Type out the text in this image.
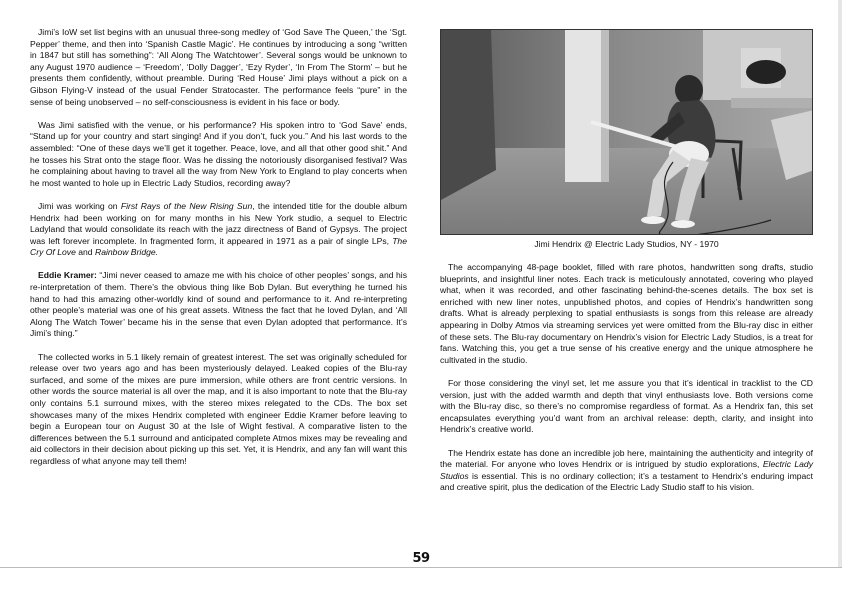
Jimi’s IoW set list begins with an unusual three-song medley of ‘God Save The Queen,’ the ‘Sgt. Pepper’ theme, and then into ‘Spanish Castle Magic’. He continues by introducing a song “written in 1847 but still has something”: ‘All Along The Watchtower’. Several songs would be unknown to any August 1970 audience – ‘Freedom’, ‘Dolly Dagger’, ‘Ezy Ryder’, ‘In From The Storm’ – but he presents them confidently, without preamble. During ‘Red House’ Jimi plays without a pick on a Gibson Flying-V instead of the usual Fender Stratocaster. The performance feels “pure” in the sense of being unobserved – no self-consciousness is evident in his face or body.

Was Jimi satisfied with the venue, or his performance? His spoken intro to ‘God Save’ ends, “Stand up for your country and start singing! And if you don’t, fuck you.” And his last words to the assembled: “One of these days we’ll get it together. Peace, love, and all that other good shit.” And he tosses his Strat onto the stage floor. Was he dissing the notoriously disorganised festival? Was he complaining about having to travel all the way from New York to England to play concerts when he most wanted to hole up in Electric Lady Studios, recording away?

Jimi was working on First Rays of the New Rising Sun, the intended title for the double album Hendrix had been working on for many months in his New York studio, a sequel to Electric Ladyland that would consolidate its reach with the jazz directness of Band of Gypsys. The project was left forever incomplete. In fragmented form, it appeared in 1971 as a pair of single LPs, The Cry Of Love and Rainbow Bridge.

Eddie Kramer: “Jimi never ceased to amaze me with his choice of other peoples’ songs, and his re-interpretation of them. There’s the obvious thing like Bob Dylan. But everything he turned his hand to had this amazing other-worldly kind of sound and performance to it. And re-interpreting other people’s material was one of his great assets. Witness the fact that he loved Dylan, and ‘All Along The Watch Tower’ became his in the sense that even Dylan adopted that performance. It’s Jimi’s thing.”

The collected works in 5.1 likely remain of greatest interest. The set was originally scheduled for release over two years ago and has been mysteriously delayed. Leaked copies of the Blu-ray surfaced, and some of the mixes are pure immersion, while others are front centric versions. In other words the source material is all over the map, and it is also important to note that the Blu-ray only contains 5.1 surround mixes, with the stereo mixes relegated to the CDs. The box set showcases many of the mixes Hendrix completed with engineer Eddie Kramer before leaving to begin a European tour on August 30 at the Isle of Wight festival. A comparative listen to the differences between the 5.1 surround and anticipated complete Atmos mixes may be revealing and aid collectors in their decision about picking up this set. Yet, it is Hendrix, and any fan will want this regardless of what anyone may tell them!

Jimi Hendrix @ Electric Lady Studios, NY - 1970

The accompanying 48-page booklet, filled with rare photos, handwritten song drafts, studio blueprints, and insightful liner notes. Each track is meticulously annotated, covering who played what, when it was recorded, and other fascinating behind-the-scenes details. The box set is enriched with new liner notes, unpublished photos, and copies of Hendrix’s handwritten song drafts. What is already perplexing to spatial enthusiasts is songs from this release are already appearing in Dolby Atmos via streaming services yet were omitted from the Blu-ray disc in either of these sets. The Blu-ray documentary on Hendrix’s vision for Electric Lady Studios, is a treat for fans. Watching this, you get a true sense of his creative energy and the unique atmosphere he cultivated in the studio.

For those considering the vinyl set, let me assure you that it’s identical in tracklist to the CD version, just with the added warmth and depth that vinyl enthusiasts love. Both versions come with the Blu-ray disc, so there’s no compromise regardless of format. As a Hendrix fan, this set encapsulates everything you’d want from an archival release: depth, clarity, and insight into Hendrix’s creative world.

The Hendrix estate has done an incredible job here, maintaining the authenticity and integrity of the material. For anyone who loves Hendrix or is intrigued by studio explorations, Electric Lady Studios is essential. This is no ordinary collection; it’s a testament to Hendrix’s enduring impact and creative spirit, plus the dedication of the Electric Lady Studio staff to his vision.

59
